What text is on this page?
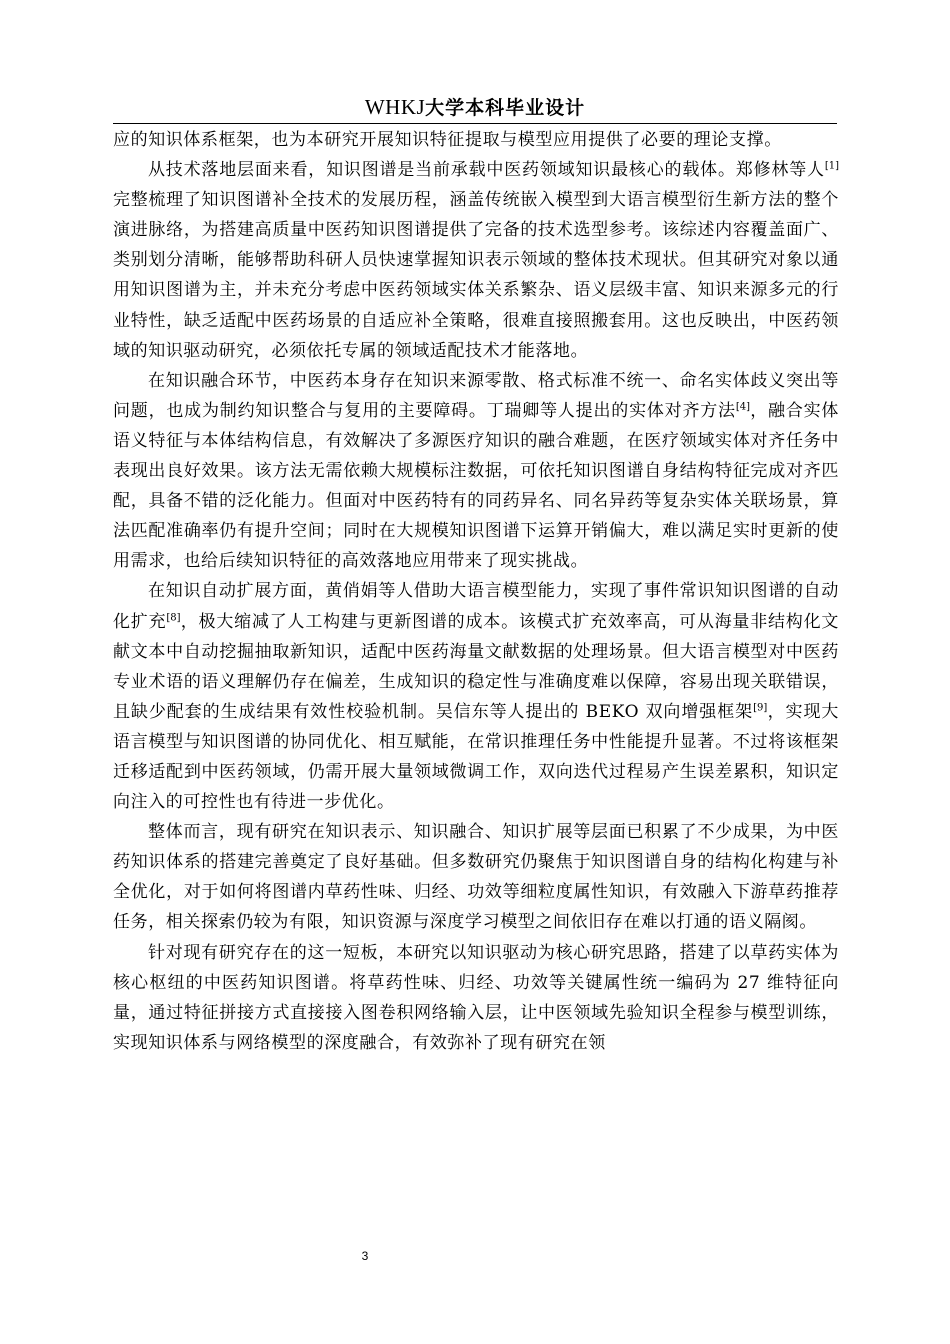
WHKJ大学本科毕业设计

应的知识体系框架，也为本研究开展知识特征提取与模型应用提供了必要的理论支撑。

从技术落地层面来看，知识图谱是当前承载中医药领域知识最核心的载体。郑修林等人[1]完整梳理了知识图谱补全技术的发展历程，涵盖传统嵌入模型到大语言模型衍生新方法的整个演进脉络，为搭建高质量中医药知识图谱提供了完备的技术选型参考。该综述内容覆盖面广、类别划分清晰，能够帮助科研人员快速掌握知识表示领域的整体技术现状。但其研究对象以通用知识图谱为主，并未充分考虑中医药领域实体关系繁杂、语义层级丰富、知识来源多元的行业特性，缺乏适配中医药场景的自适应补全策略，很难直接照搬套用。这也反映出，中医药领域的知识驱动研究，必须依托专属的领域适配技术才能落地。

在知识融合环节，中医药本身存在知识来源零散、格式标准不统一、命名实体歧义突出等问题，也成为制约知识整合与复用的主要障碍。丁瑞卿等人提出的实体对齐方法[4]，融合实体语义特征与本体结构信息，有效解决了多源医疗知识的融合难题，在医疗领域实体对齐任务中表现出良好效果。该方法无需依赖大规模标注数据，可依托知识图谱自身结构特征完成对齐匹配，具备不错的泛化能力。但面对中医药特有的同药异名、同名异药等复杂实体关联场景，算法匹配准确率仍有提升空间；同时在大规模知识图谱下运算开销偏大，难以满足实时更新的使用需求，也给后续知识特征的高效落地应用带来了现实挑战。

在知识自动扩展方面，黄俏娟等人借助大语言模型能力，实现了事件常识知识图谱的自动化扩充[8]，极大缩减了人工构建与更新图谱的成本。该模式扩充效率高，可从海量非结构化文献文本中自动挖掘抽取新知识，适配中医药海量文献数据的处理场景。但大语言模型对中医药专业术语的语义理解仍存在偏差，生成知识的稳定性与准确度难以保障，容易出现关联错误，且缺少配套的生成结果有效性校验机制。吴信东等人提出的 BEKO 双向增强框架[9]，实现大语言模型与知识图谱的协同优化、相互赋能，在常识推理任务中性能提升显著。不过将该框架迁移适配到中医药领域，仍需开展大量领域微调工作，双向迭代过程易产生误差累积，知识定向注入的可控性也有待进一步优化。

整体而言，现有研究在知识表示、知识融合、知识扩展等层面已积累了不少成果，为中医药知识体系的搭建完善奠定了良好基础。但多数研究仍聚焦于知识图谱自身的结构化构建与补全优化，对于如何将图谱内草药性味、归经、功效等细粒度属性知识，有效融入下游草药推荐任务，相关探索仍较为有限，知识资源与深度学习模型之间依旧存在难以打通的语义隔阂。

针对现有研究存在的这一短板，本研究以知识驱动为核心研究思路，搭建了以草药实体为核心枢纽的中医药知识图谱。将草药性味、归经、功效等关键属性统一编码为 27 维特征向量，通过特征拼接方式直接接入图卷积网络输入层，让中医领域先验知识全程参与模型训练，实现知识体系与网络模型的深度融合，有效弥补了现有研究在领

3
